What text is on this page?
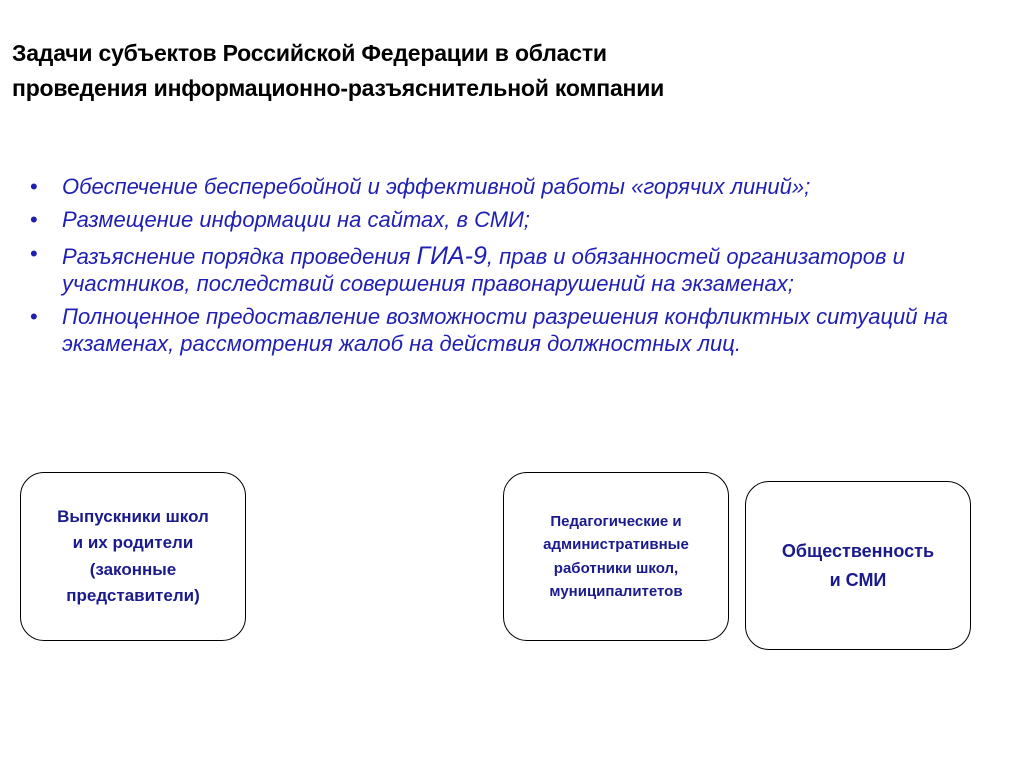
Задачи субъектов Российской Федерации в области
проведения информационно-разъяснительной компании
• Обеспечение бесперебойной и эффективной работы «горячих линий»;
• Размещение информации на сайтах, в СМИ;
• Разъяснение порядка проведения ГИА-9, прав и обязанностей организаторов и участников, последствий совершения правонарушений на экзаменах;
• Полноценное предоставление возможности разрешения конфликтных ситуаций на экзаменах, рассмотрения жалоб на действия должностных лиц.
Выпускники школ
и их родители
(законные
представители)
Педагогические и
административные
работники школ,
муниципалитетов
Общественность
и СМИ
